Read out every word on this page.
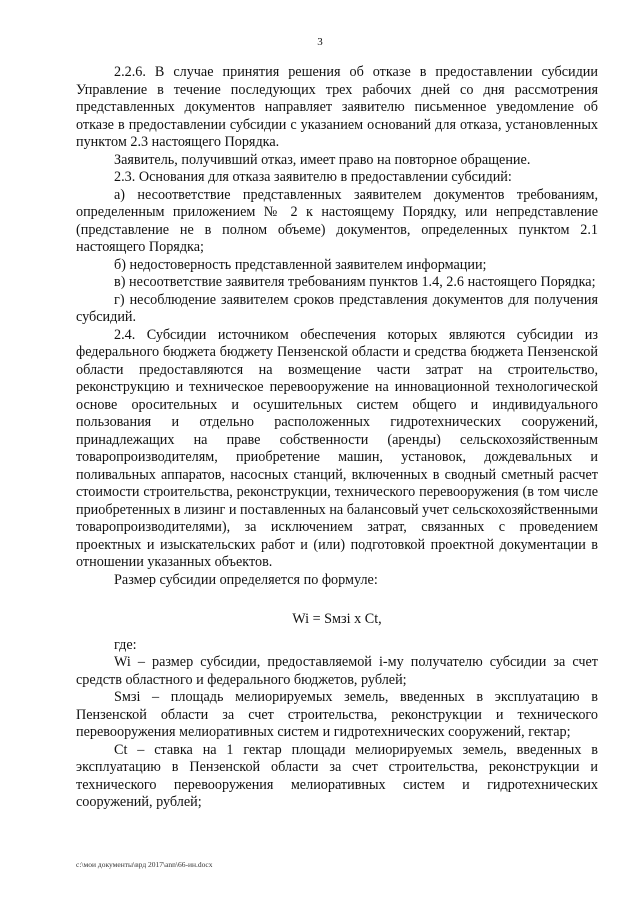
3

2.2.6. В случае принятия решения об отказе в предоставлении субсидии Управление в течение последующих трех рабочих дней со дня рассмотрения представленных документов направляет заявителю письменное уведомление об отказе в предоставлении субсидии с указанием оснований для отказа, установленных пунктом 2.3 настоящего Порядка.

Заявитель, получивший отказ, имеет право на повторное обращение.

2.3. Основания для отказа заявителю в предоставлении субсидий:

а) несоответствие представленных заявителем документов требованиям, определенным приложением № 2 к настоящему Порядку, или непредставление (представление не в полном объеме) документов, определенных пунктом 2.1 настоящего Порядка;

б) недостоверность представленной заявителем информации;

в) несоответствие заявителя требованиям пунктов 1.4, 2.6 настоящего Порядка;

г) несоблюдение заявителем сроков представления документов для получения субсидий.

2.4. Субсидии источником обеспечения которых являются субсидии из федерального бюджета бюджету Пензенской области и средства бюджета Пензенской области предоставляются на возмещение части затрат на строительство, реконструкцию и техническое перевооружение на инновационной технологической основе оросительных и осушительных систем общего и индивидуального пользования и отдельно расположенных гидротехнических сооружений, принадлежащих на праве собственности (аренды) сельскохозяйственным товаропроизводителям, приобретение машин, установок, дождевальных и поливальных аппаратов, насосных станций, включенных в сводный сметный расчет стоимости строительства, реконструкции, технического перевооружения (в том числе приобретенных в лизинг и поставленных на балансовый учет сельскохозяйственными товаропроизводителями), за исключением затрат, связанных с проведением проектных и изыскательских работ и (или) подготовкой проектной документации в отношении указанных объектов.

Размер субсидии определяется по формуле:

Wi = Sмзi x Ct,

где:

Wi – размер субсидии, предоставляемой i-му получателю субсидии за счет средств областного и федерального бюджетов, рублей;

Sмзi – площадь мелиорируемых земель, введенных в эксплуатацию в Пензенской области за счет строительства, реконструкции и технического перевооружения мелиоративных систем и гидротехнических сооружений, гектар;

Ct – ставка на 1 гектар площади мелиорируемых земель, введенных в эксплуатацию в Пензенской области за счет строительства, реконструкции и технического перевооружения мелиоративных систем и гидротехнических сооружений, рублей;

c:\мои документы\врд 2017\ann\66-ин.docx
